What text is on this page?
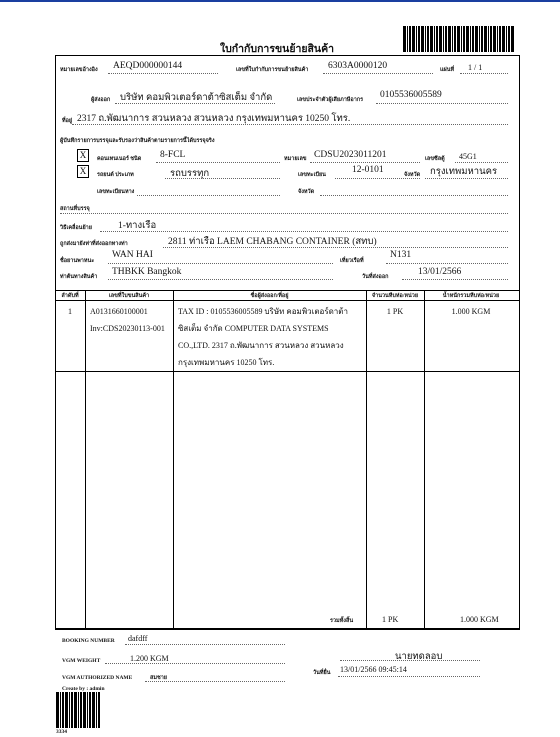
ใบกำกับการขนย้ายสินค้า
หมายเลขอ้างอิง AEQD000000144	เลขที่ใบกำกับการขนย้ายสินค้า 6303A0000120	แผ่นที่ 1 / 1
ผู้ส่งออก บริษัท คอมพิวเตอร์ดาต้าซิสเต็ม จำกัด	เลขประจำตัวผู้เสียภาษีอากร 0105536005589
ที่อยู่ 2317 ถ.พัฒนาการ สวนหลวง สวนหลวง กรุงเทพมหานคร 10250 โทร.
ผู้บันทึกรายการบรรจุและรับรองว่าสินค้าตามรายการนี้ได้บรรจุจริง
X	คอนเทนเนอร์ ชนิด 8-FCL	หมายเลข CDSU2023011201	เลขซีลตู้ 45G1
X	รถยนต์ ประเภท	รถบรรทุก	เลขทะเบียน	12-0101	จังหวัด กรุงเทพมหานคร
เลขทะเบียนหาง	จังหวัด
สถานที่บรรจุ
วิธีเคลื่อนย้าย	1-ทางเรือ
ถูกส่งมายังท่าที่ส่งออกทางท่า	2811 ท่าเรือ LAEM CHABANG CONTAINER (สทบ)
ชื่อยานพาหนะ
WAN HAI
เที่ยวเรือที่
N131
ท่าต้นทางสินค้า THBKK Bangkok	วันที่ส่งออก	13/01/2566
ลำดับที่	เลขที่ใบขนสินค้า	ชื่อผู้ส่งออก/ที่อยู่	จำนวนหีบห่อ/หน่วย	น้ำหนักรวมหีบห่อ/หน่วย
1	A0131660100001
Inv:CDS20230113-001
TAX ID : 0105536005589 บริษัท คอมพิวเตอร์ดาต้า
ซิสเต็ม จำกัด COMPUTER DATA SYSTEMS
CO.,LTD. 2317 ถ.พัฒนาการ สวนหลวง สวนหลวง
กรุงเทพมหานคร 10250 โทร.
1 PK	1.000 KGM
รวมทั้งสิ้น	1 PK	1.000 KGM
BOOKING NUMBER dafdff
VGM WEIGHT	1.200 KGM
VGM AUTHORIZED NAME	สมชาย
นายทดลอบ
วันที่ยื่น 13/01/2566 09:45:14
Create by : admin
3334
